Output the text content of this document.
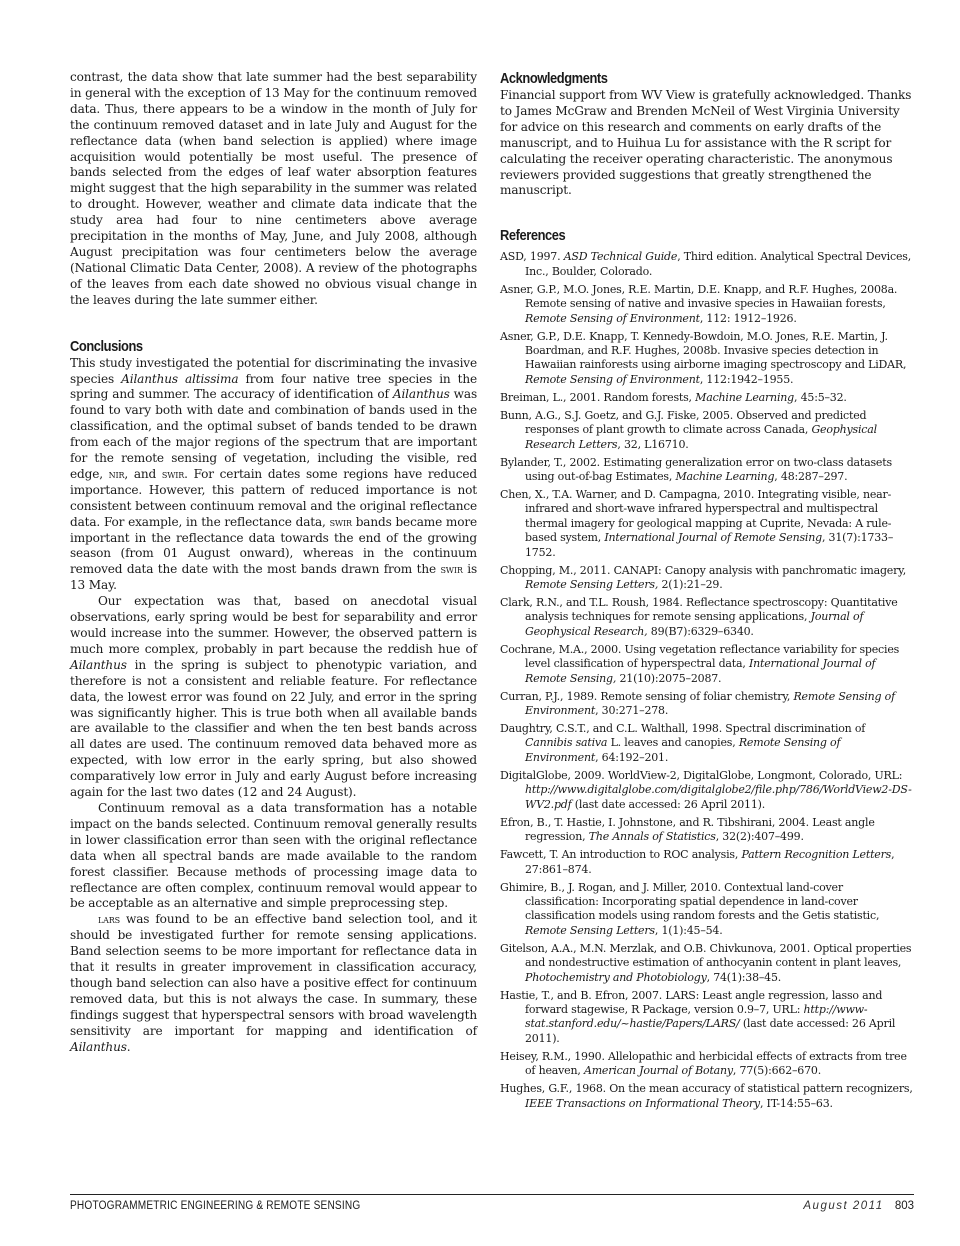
contrast, the data show that late summer had the best separability in general with the exception of 13 May for the continuum removed data. Thus, there appears to be a window in the month of July for the continuum removed dataset and in late July and August for the reflectance data (when band selection is applied) where image acquisition would potentially be most useful. The presence of bands selected from the edges of leaf water absorption features might suggest that the high separability in the summer was related to drought. However, weather and climate data indicate that the study area had four to nine centimeters above average precipitation in the months of May, June, and July 2008, although August precipitation was four centimeters below the average (National Climatic Data Center, 2008). A review of the photographs of the leaves from each date showed no obvious visual change in the leaves during the late summer either.

Conclusions

This study investigated the potential for discriminating the invasive species Ailanthus altissima from four native tree species in the spring and summer. The accuracy of identification of Ailanthus was found to vary both with date and combination of bands used in the classification, and the optimal subset of bands tended to be drawn from each of the major regions of the spectrum that are important for the remote sensing of vegetation, including the visible, red edge, nir, and swir. For certain dates some regions have reduced importance. However, this pattern of reduced importance is not consistent between continuum removal and the original reflectance data. For example, in the reflectance data, swir bands became more important in the reflectance data towards the end of the growing season (from 01 August onward), whereas in the continuum removed data the date with the most bands drawn from the swir is 13 May.

Our expectation was that, based on anecdotal visual observations, early spring would be best for separability and error would increase into the summer. However, the observed pattern is much more complex, probably in part because the reddish hue of Ailanthus in the spring is subject to phenotypic variation, and therefore is not a consistent and reliable feature. For reflectance data, the lowest error was found on 22 July, and error in the spring was significantly higher. This is true both when all available bands are available to the classifier and when the ten best bands across all dates are used. The continuum removed data behaved more as expected, with low error in the early spring, but also showed comparatively low error in July and early August before increasing again for the last two dates (12 and 24 August).

Continuum removal as a data transformation has a notable impact on the bands selected. Continuum removal generally results in lower classification error than seen with the original reflectance data when all spectral bands are made available to the random forest classifier. Because methods of processing image data to reflectance are often complex, continuum removal would appear to be acceptable as an alternative and simple preprocessing step.

lars was found to be an effective band selection tool, and it should be investigated further for remote sensing applications. Band selection seems to be more important for reflectance data in that it results in greater improvement in classification accuracy, though band selection can also have a positive effect for continuum removed data, but this is not always the case. In summary, these findings suggest that hyperspectral sensors with broad wavelength sensitivity are important for mapping and identification of Ailanthus.

Acknowledgments

Financial support from WV View is gratefully acknowledged. Thanks to James McGraw and Brenden McNeil of West Virginia University for advice on this research and comments on early drafts of the manuscript, and to Huihua Lu for assistance with the R script for calculating the receiver operating characteristic. The anonymous reviewers provided suggestions that greatly strengthened the manuscript.

References

ASD, 1997. ASD Technical Guide, Third edition. Analytical Spectral Devices, Inc., Boulder, Colorado.

Asner, G.P., M.O. Jones, R.E. Martin, D.E. Knapp, and R.F. Hughes, 2008a. Remote sensing of native and invasive species in Hawaiian forests, Remote Sensing of Environment, 112: 1912–1926.

Asner, G.P., D.E. Knapp, T. Kennedy-Bowdoin, M.O. Jones, R.E. Martin, J. Boardman, and R.F. Hughes, 2008b. Invasive species detection in Hawaiian rainforests using airborne imaging spectroscopy and LiDAR, Remote Sensing of Environment, 112:1942–1955.

Breiman, L., 2001. Random forests, Machine Learning, 45:5–32.

Bunn, A.G., S.J. Goetz, and G.J. Fiske, 2005. Observed and predicted responses of plant growth to climate across Canada, Geophysical Research Letters, 32, L16710.

Bylander, T., 2002. Estimating generalization error on two-class datasets using out-of-bag Estimates, Machine Learning, 48:287–297.

Chen, X., T.A. Warner, and D. Campagna, 2010. Integrating visible, near-infrared and short-wave infrared hyperspectral and multispectral thermal imagery for geological mapping at Cuprite, Nevada: A rule-based system, International Journal of Remote Sensing, 31(7):1733–1752.

Chopping, M., 2011. CANAPI: Canopy analysis with panchromatic imagery, Remote Sensing Letters, 2(1):21–29.

Clark, R.N., and T.L. Roush, 1984. Reflectance spectroscopy: Quantitative analysis techniques for remote sensing applications, Journal of Geophysical Research, 89(B7):6329–6340.

Cochrane, M.A., 2000. Using vegetation reflectance variability for species level classification of hyperspectral data, International Journal of Remote Sensing, 21(10):2075–2087.

Curran, P.J., 1989. Remote sensing of foliar chemistry, Remote Sensing of Environment, 30:271–278.

Daughtry, C.S.T., and C.L. Walthall, 1998. Spectral discrimination of Cannibis sativa L. leaves and canopies, Remote Sensing of Environment, 64:192–201.

DigitalGlobe, 2009. WorldView-2, DigitalGlobe, Longmont, Colorado, URL: http://www.digitalglobe.com/digitalglobe2/file.php/786/WorldView2-DS-WV2.pdf (last date accessed: 26 April 2011).

Efron, B., T. Hastie, I. Johnstone, and R. Tibshirani, 2004. Least angle regression, The Annals of Statistics, 32(2):407–499.

Fawcett, T. An introduction to ROC analysis, Pattern Recognition Letters, 27:861–874.

Ghimire, B., J. Rogan, and J. Miller, 2010. Contextual land-cover classification: Incorporating spatial dependence in land-cover classification models using random forests and the Getis statistic, Remote Sensing Letters, 1(1):45–54.

Gitelson, A.A., M.N. Merzlak, and O.B. Chivkunova, 2001. Optical properties and nondestructive estimation of anthocyanin content in plant leaves, Photochemistry and Photobiology, 74(1):38–45.

Hastie, T., and B. Efron, 2007. LARS: Least angle regression, lasso and forward stagewise, R Package, version 0.9–7, URL: http://www-stat.stanford.edu/~hastie/Papers/LARS/ (last date accessed: 26 April 2011).

Heisey, R.M., 1990. Allelopathic and herbicidal effects of extracts from tree of heaven, American Journal of Botany, 77(5):662–670.

Hughes, G.F., 1968. On the mean accuracy of statistical pattern recognizers, IEEE Transactions on Informational Theory, IT-14:55–63.

PHOTOGRAMMETRIC ENGINEERING & REMOTE SENSING	August 2011 803
